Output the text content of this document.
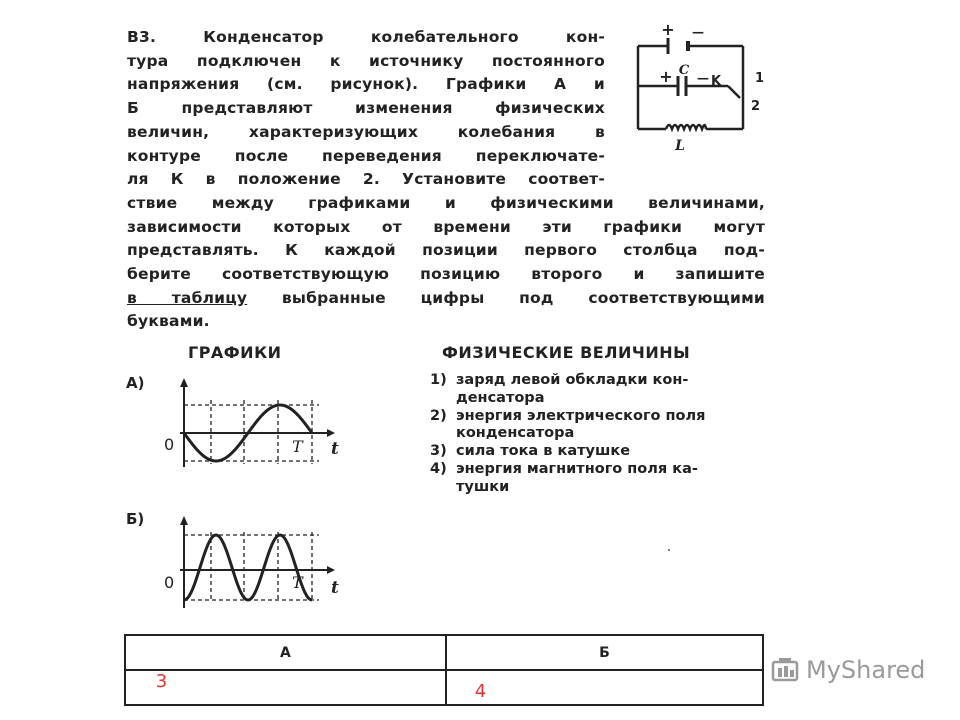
В3. Конденсатор колебательного кон-
тура подключен к источнику постоянного
напряжения (см. рисунок). Графики А и
Б представляют изменения физических
величин, характеризующих колебания в
контуре после переведения переключате-
ля К в положение 2. Установите соответ-
ствие между графиками и физическими величинами,
зависимости которых от времени эти графики могут
представлять. К каждой позиции первого столбца под-
берите соответствующую позицию второго и запишите
в таблицу выбранные цифры под соответствующими
буквами.
+ —
+ C — K	1
2
L
ГРАФИКИ	ФИЗИЧЕСКИЕ ВЕЛИЧИНЫ
А)
0	T t
Б)
0	T t
1) заряд левой обкладки кон-
денсатора
2) энергия электрического поля
конденсатора
3) сила тока в катушке
4) энергия магнитного поля ка-
тушки
А	Б
3	4
MyShared
